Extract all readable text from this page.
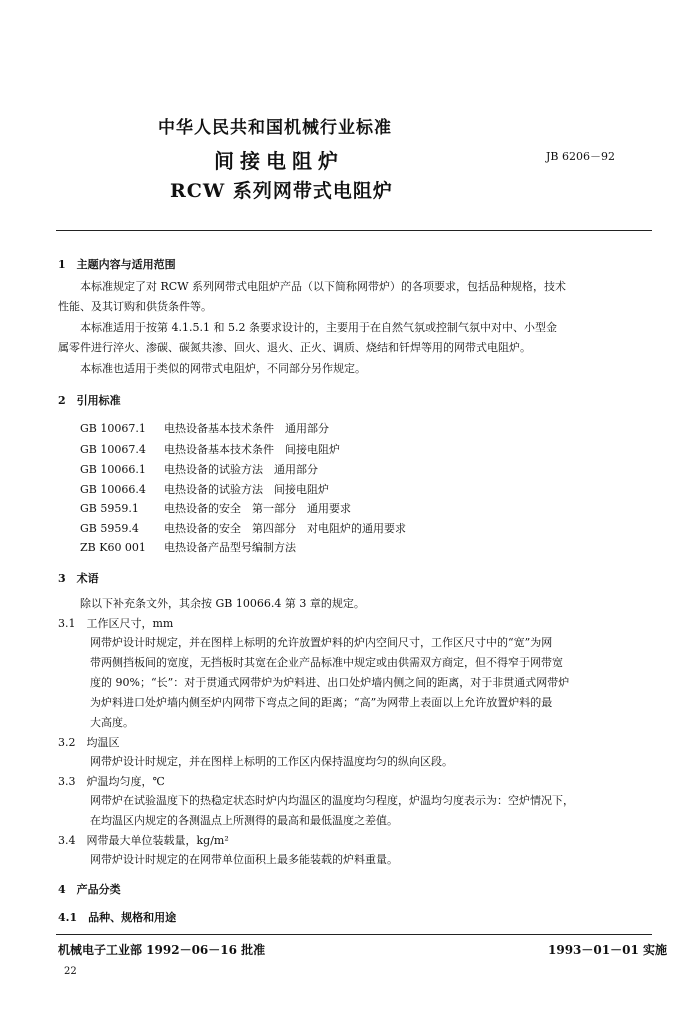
中华人民共和国机械行业标准
间接电阻炉
RCW 系列网带式电阻炉
JB 6206－92
1　主题内容与适用范围
本标准规定了对 RCW 系列网带式电阻炉产品（以下简称网带炉）的各项要求，包括品种规格，技术
性能、及其订购和供货条件等。
本标准适用于按第 4.1.5.1 和 5.2 条要求设计的，主要用于在自然气氛或控制气氛中对中、小型金
属零件进行淬火、渗碳、碳氮共渗、回火、退火、正火、调质、烧结和钎焊等用的网带式电阻炉。
本标准也适用于类似的网带式电阻炉，不同部分另作规定。
2　引用标准
GB 10067.1 电热设备基本技术条件　通用部分
GB 10067.4 电热设备基本技术条件　间接电阻炉
GB 10066.1 电热设备的试验方法　通用部分
GB 10066.4 电热设备的试验方法　间接电阻炉
GB 5959.1 电热设备的安全　第一部分　通用要求
GB 5959.4 电热设备的安全　第四部分　对电阻炉的通用要求
ZB K60 001 电热设备产品型号编制方法
3　术语
除以下补充条文外，其余按 GB 10066.4 第 3 章的规定。
3.1　工作区尺寸，mm
网带炉设计时规定，并在图样上标明的允许放置炉料的炉内空间尺寸，工作区尺寸中的“宽”为网
带两侧挡板间的宽度，无挡板时其宽在企业产品标准中规定或由供需双方商定，但不得窄于网带宽
度的 90%；“长”：对于贯通式网带炉为炉料进、出口处炉墙内侧之间的距离，对于非贯通式网带炉
为炉料进口处炉墙内侧至炉内网带下弯点之间的距离；“高”为网带上表面以上允许放置炉料的最
大高度。
3.2　均温区
网带炉设计时规定，并在图样上标明的工作区内保持温度均匀的纵向区段。
3.3　炉温均匀度，℃
网带炉在试验温度下的热稳定状态时炉内均温区的温度均匀程度，炉温均匀度表示为：空炉情况下，
在均温区内规定的各测温点上所测得的最高和最低温度之差值。
3.4　网带最大单位装载量，kg/m²
网带炉设计时规定的在网带单位面积上最多能装载的炉料重量。
4　产品分类
4.1　品种、规格和用途
机械电子工业部 1992－06－16 批准	1993－01－01 实施
22
